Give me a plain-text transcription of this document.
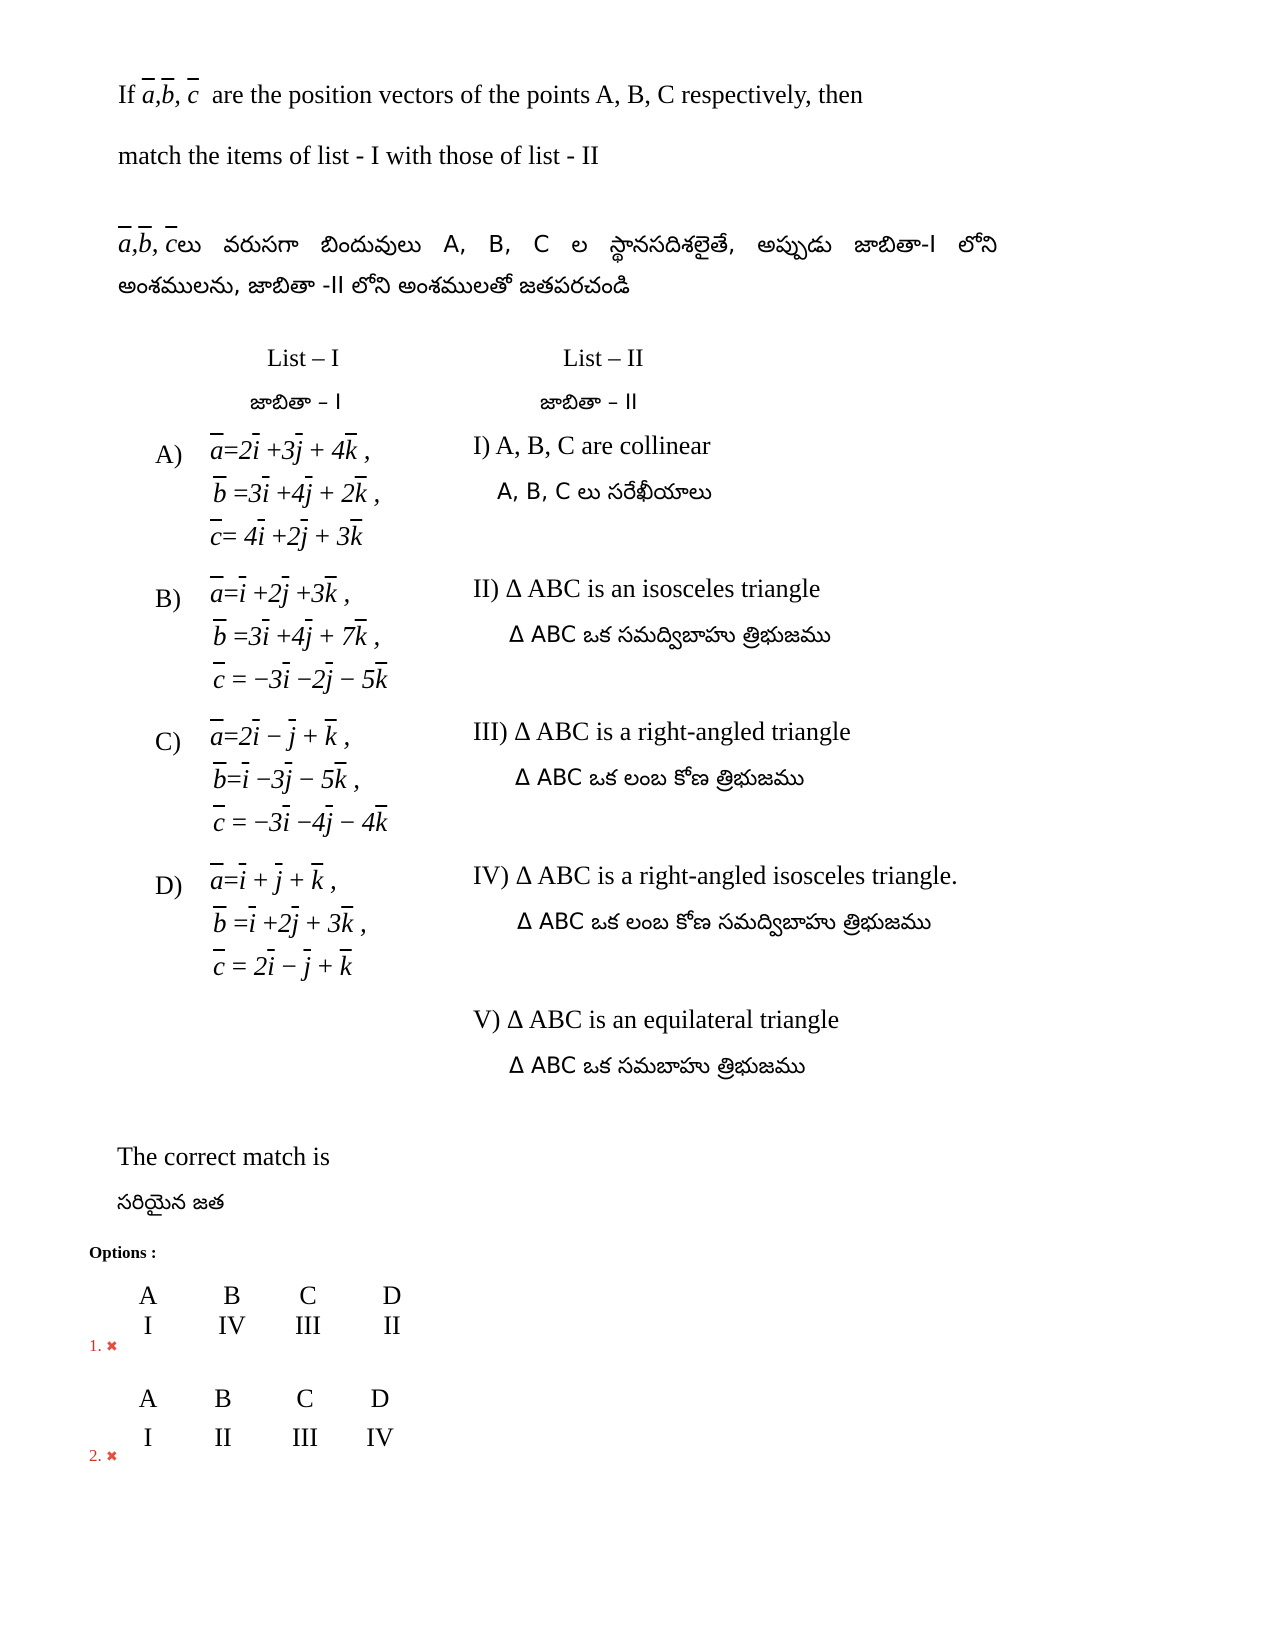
If $\overline{a},\overline{b}$, $\overline{c}$  are the position vectors of the points A, B, C respectively, then
match the items of list - I with those of list - II
$\overline{a},\overline{b}$, $\overline{c}లు$   వరుసగా   బిందువులు   A,   B,   C   ల   స్థానసదిశలైతే,   అప్పుడు   జాబితా-I   లోని
అంశములను, జాబితా -II లోని అంశములతో జతపరచండి
List – I
జాబితా – I
List – II
జాబితా – II
A) $\overline{a}=2\overline{i} +3\overline{j} + 4\overline{k}$ ,
$\overline{b} =3\overline{i} +4\overline{j} + 2\overline{k}$ ,
$\overline{c}= 4\overline{i} +2\overline{j} + 3\overline{k}$
B) $\overline{a}=\overline{i} +2\overline{j} +3\overline{k}$ ,
$\overline{b} =3\overline{i} +4\overline{j} + 7\overline{k}$ ,
$\overline{c} = -3\overline{i} -2\overline{j} - 5\overline{k}$
C) $\overline{a}=2\overline{i} - \overline{j} + \overline{k}$ ,
$\overline{b}=\overline{i} -3\overline{j} - 5\overline{k}$ ,
$\overline{c} = -3\overline{i} -4\overline{j} - 4\overline{k}$
D) $\overline{a}=\overline{i} + \overline{j} + \overline{k}$ ,
$\overline{b} =\overline{i} +2\overline{j} + 3\overline{k}$ ,
$\overline{c} = 2\overline{i} - \overline{j} + \overline{k}$
I) A, B, C are collinear
A, B, C లు సరేఖీయాలు
II) Δ ABC is an isosceles triangle
Δ ABC ఒక సమద్విబాహు త్రిభుజము
III) Δ ABC is a right-angled triangle
Δ ABC ఒక లంబ కోణ త్రిభుజము
IV) Δ ABC is a right-angled isosceles triangle.
Δ ABC ఒక లంబ కోణ సమద్విబాహు త్రిభుజము
V) Δ ABC is an equilateral triangle
Δ ABC ఒక సమబాహు త్రిభుజము
The correct match is
సరియైన జత
Options :
A	B	C	D
I	IV	III	II
1. ✖
A	B	C	D
I	II	III	IV
2. ✖
